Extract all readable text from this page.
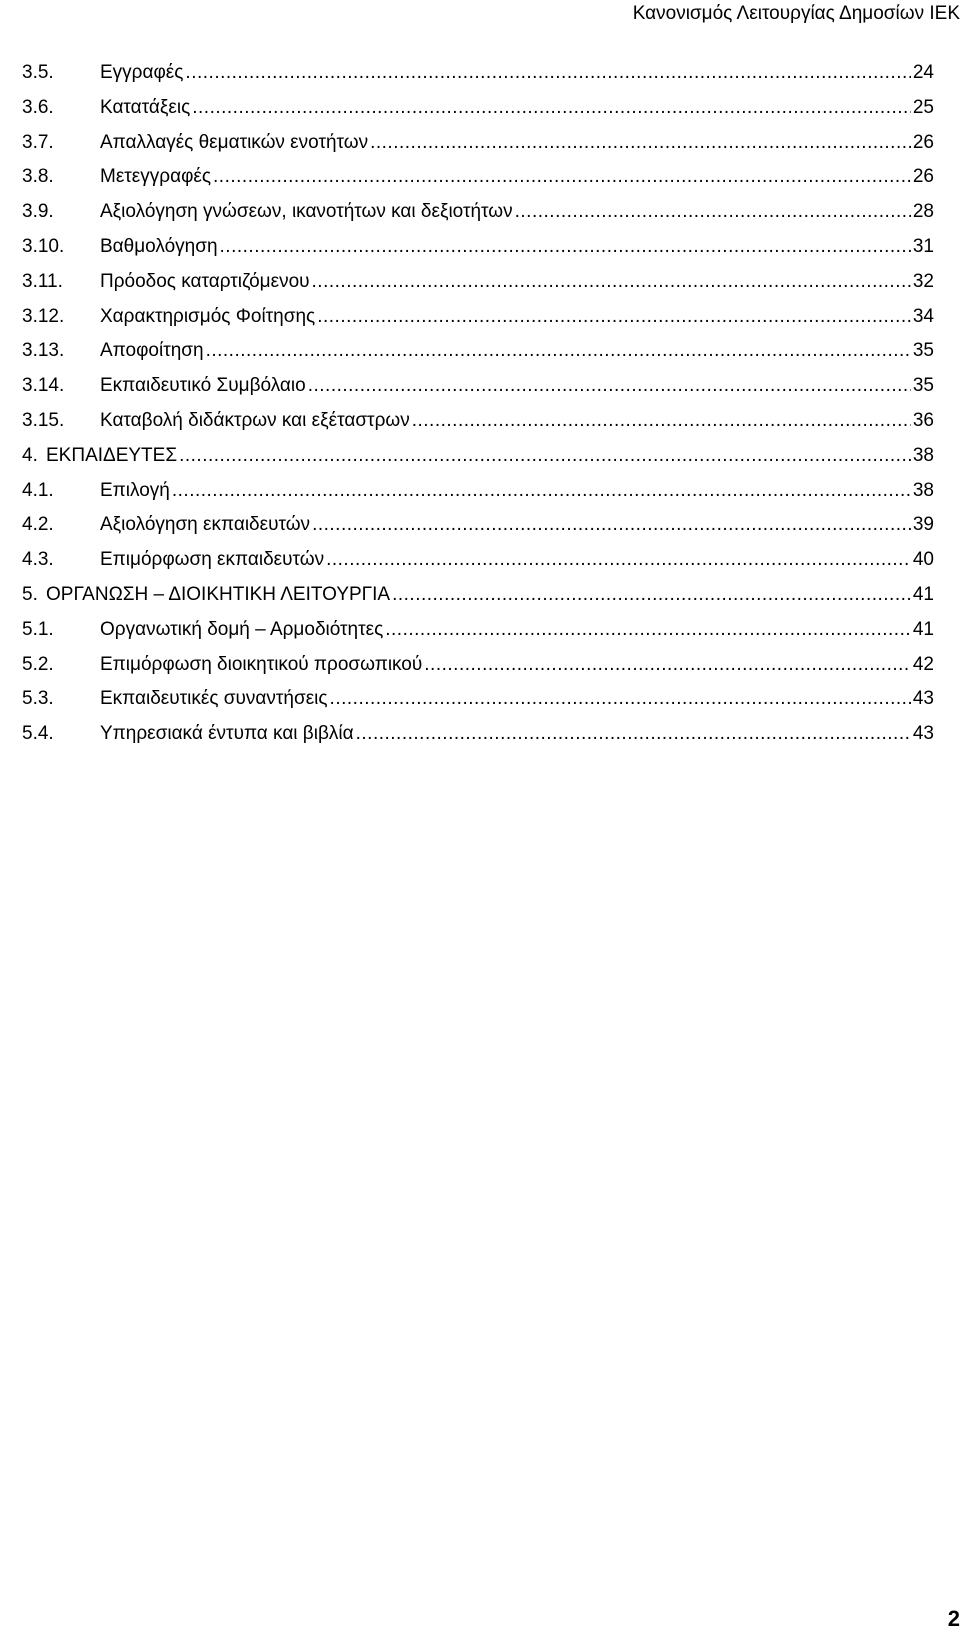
Κανονισμός Λειτουργίας Δημοσίων ΙΕΚ
3.5.	Εγγραφές .....	24
3.6.	Κατατάξεις .....	25
3.7.	Απαλλαγές θεματικών ενοτήτων .....	26
3.8.	Μετεγγραφές .....	26
3.9.	Αξιολόγηση γνώσεων, ικανοτήτων και δεξιοτήτων .....	28
3.10.	Βαθμολόγηση .....	31
3.11.	Πρόοδος καταρτιζόμενου .....	32
3.12.	Χαρακτηρισμός Φοίτησης .....	34
3.13.	Αποφοίτηση .....	35
3.14.	Εκπαιδευτικό Συμβόλαιο .....	35
3.15.	Καταβολή διδάκτρων και εξέταστρων .....	36
4. ΕΚΠΑΙΔΕΥΤΕΣ .....	38
4.1.	Επιλογή .....	38
4.2.	Αξιολόγηση εκπαιδευτών .....	39
4.3.	Επιμόρφωση εκπαιδευτών .....	40
5. ΟΡΓΑΝΩΣΗ – ΔΙΟΙΚΗΤΙΚΗ ΛΕΙΤΟΥΡΓΙΑ .....	41
5.1.	Οργανωτική δομή – Αρμοδιότητες .....	41
5.2.	Επιμόρφωση διοικητικού προσωπικού .....	42
5.3.	Εκπαιδευτικές συναντήσεις .....	43
5.4.	Υπηρεσιακά έντυπα και βιβλία .....	43
2
